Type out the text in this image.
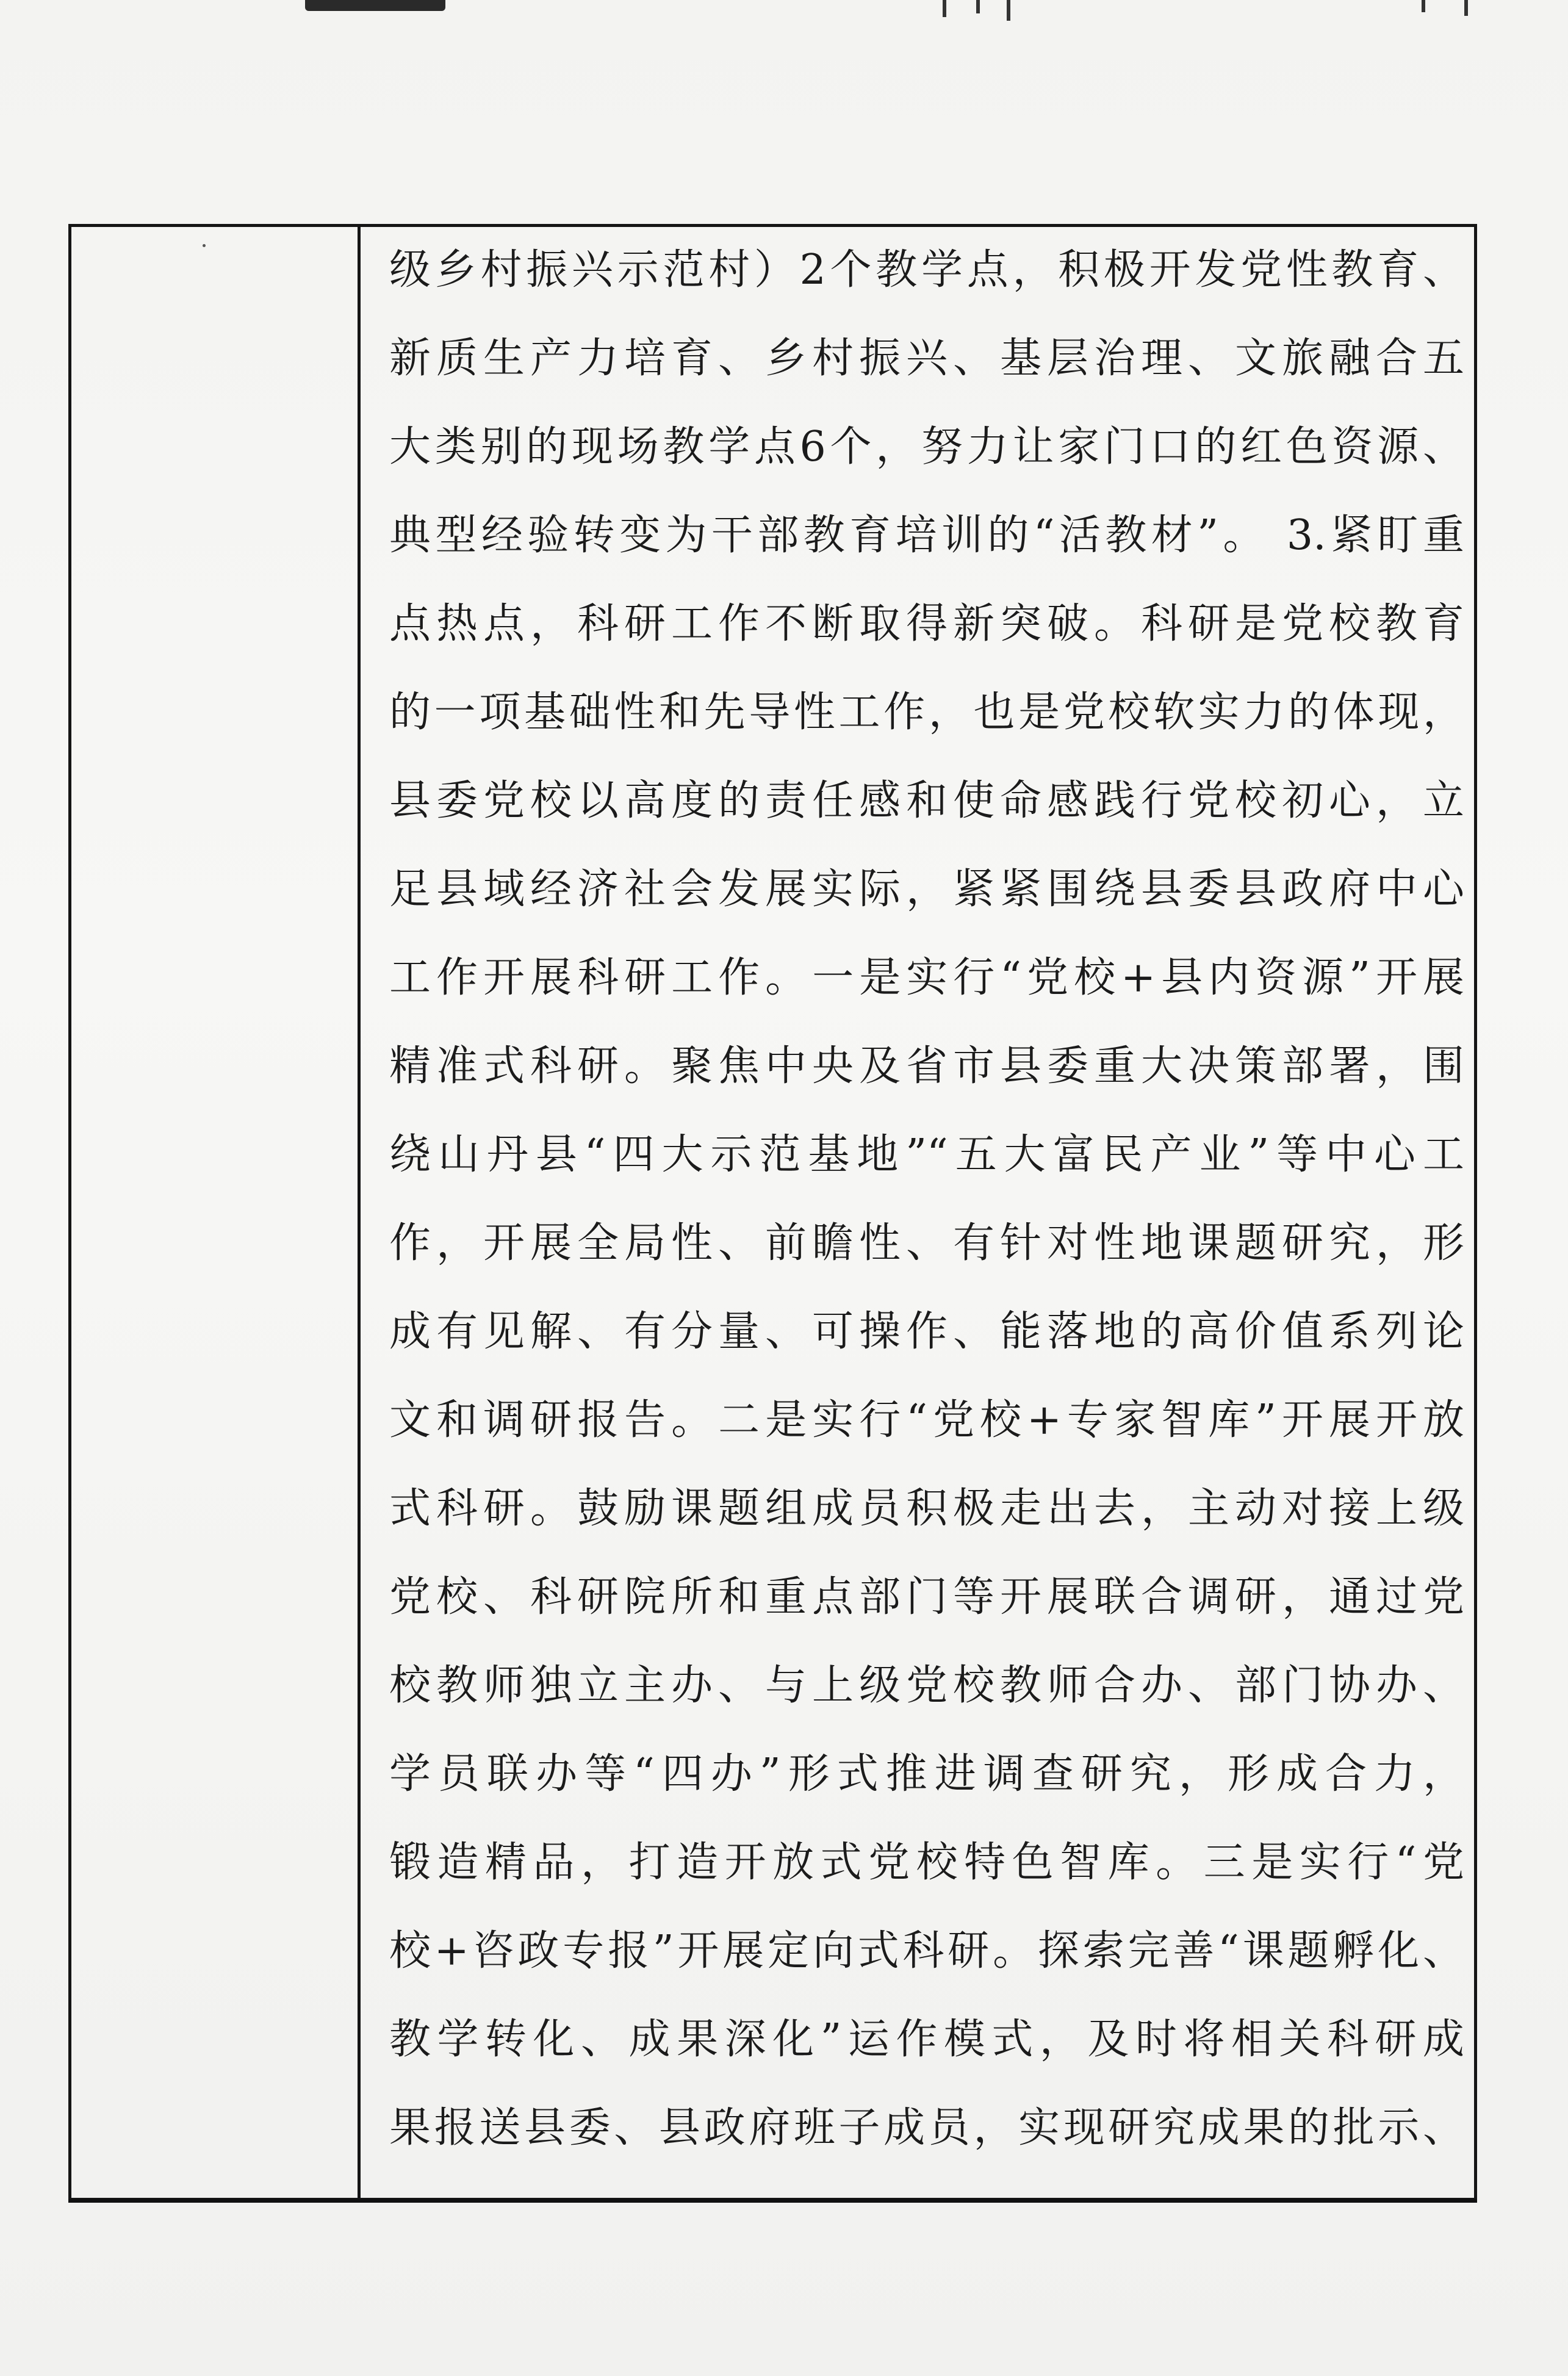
级乡村振兴示范村）2个教学点，积极开发党性教育、
新质生产力培育、乡村振兴、基层治理、文旅融合五
大类别的现场教学点6个，努力让家门口的红色资源、
典型经验转变为干部教育培训的“活教材”。 3.紧盯重
点热点，科研工作不断取得新突破。科研是党校教育
的一项基础性和先导性工作，也是党校软实力的体现，
县委党校以高度的责任感和使命感践行党校初心，立
足县域经济社会发展实际，紧紧围绕县委县政府中心
工作开展科研工作。一是实行“党校+县内资源”开展
精准式科研。聚焦中央及省市县委重大决策部署，围
绕山丹县“四大示范基地”“五大富民产业”等中心工
作，开展全局性、前瞻性、有针对性地课题研究，形
成有见解、有分量、可操作、能落地的高价值系列论
文和调研报告。二是实行“党校+专家智库”开展开放
式科研。鼓励课题组成员积极走出去，主动对接上级
党校、科研院所和重点部门等开展联合调研，通过党
校教师独立主办、与上级党校教师合办、部门协办、
学员联办等“四办”形式推进调查研究，形成合力，
锻造精品，打造开放式党校特色智库。三是实行“党
校+咨政专报”开展定向式科研。探索完善“课题孵化、
教学转化、成果深化”运作模式，及时将相关科研成
果报送县委、县政府班子成员，实现研究成果的批示、
